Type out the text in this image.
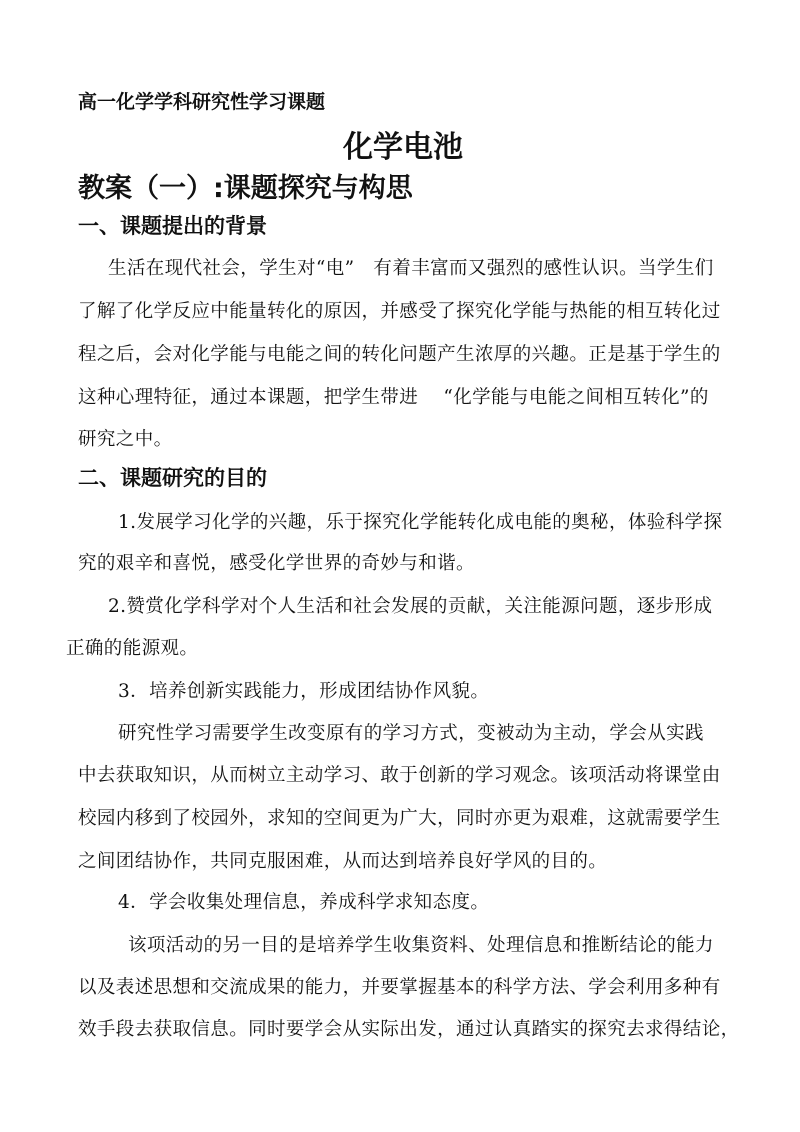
高一化学学科研究性学习课题
化学电池
教案（一）:课题探究与构思
一、课题提出的背景
生活在现代社会，学生对“电”　有着丰富而又强烈的感性认识。当学生们
了解了化学反应中能量转化的原因，并感受了探究化学能与热能的相互转化过
程之后，会对化学能与电能之间的转化问题产生浓厚的兴趣。正是基于学生的
这种心理特征，通过本课题，把学生带进　 “化学能与电能之间相互转化”的
研究之中。
二、课题研究的目的
1.发展学习化学的兴趣，乐于探究化学能转化成电能的奥秘，体验科学探
究的艰辛和喜悦，感受化学世界的奇妙与和谐。
2.赞赏化学科学对个人生活和社会发展的贡献，关注能源问题，逐步形成
正确的能源观。
3．培养创新实践能力，形成团结协作风貌。
研究性学习需要学生改变原有的学习方式，变被动为主动，学会从实践
中去获取知识，从而树立主动学习、敢于创新的学习观念。该项活动将课堂由
校园内移到了校园外，求知的空间更为广大，同时亦更为艰难，这就需要学生
之间团结协作，共同克服困难，从而达到培养良好学风的目的。
4．学会收集处理信息，养成科学求知态度。
该项活动的另一目的是培养学生收集资料、处理信息和推断结论的能力
以及表述思想和交流成果的能力，并要掌握基本的科学方法、学会利用多种有
效手段去获取信息。同时要学会从实际出发，通过认真踏实的探究去求得结论，
